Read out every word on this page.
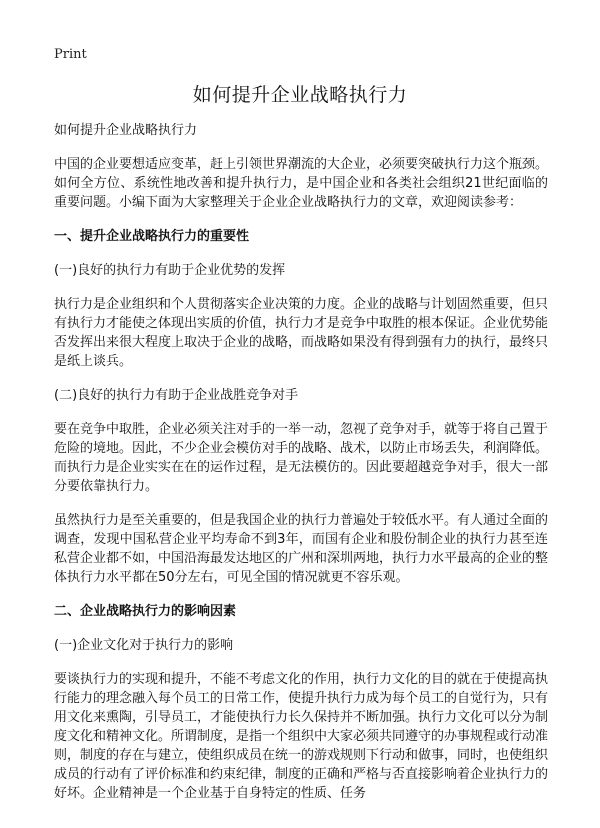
Print
如何提升企业战略执行力

如何提升企业战略执行力

中国的企业要想适应变革，赶上引领世界潮流的大企业，必须要突破执行力这个瓶颈。如何全方位、系统性地改善和提升执行力，是中国企业和各类社会组织21世纪面临的重要问题。小编下面为大家整理关于企业企业战略执行力的文章，欢迎阅读参考：

一、提升企业战略执行力的重要性

(一)良好的执行力有助于企业优势的发挥

执行力是企业组织和个人贯彻落实企业决策的力度。企业的战略与计划固然重要，但只有执行力才能使之体现出实质的价值，执行力才是竞争中取胜的根本保证。企业优势能否发挥出来很大程度上取决于企业的战略，而战略如果没有得到强有力的执行，最终只是纸上谈兵。

(二)良好的执行力有助于企业战胜竞争对手

要在竞争中取胜，企业必须关注对手的一举一动，忽视了竞争对手，就等于将自己置于危险的境地。因此，不少企业会模仿对手的战略、战术，以防止市场丢失，利润降低。而执行力是企业实实在在的运作过程，是无法模仿的。因此要超越竞争对手，很大一部分要依靠执行力。

虽然执行力是至关重要的，但是我国企业的执行力普遍处于较低水平。有人通过全面的调查，发现中国私营企业平均寿命不到3年，而国有企业和股份制企业的执行力甚至连私营企业都不如，中国沿海最发达地区的广州和深圳两地，执行力水平最高的企业的整体执行力水平都在50分左右，可见全国的情况就更不容乐观。

二、企业战略执行力的影响因素

(一)企业文化对于执行力的影响

要谈执行力的实现和提升，不能不考虑文化的作用，执行力文化的目的就在于使提高执行能力的理念融入每个员工的日常工作，使提升执行力成为每个员工的自觉行为，只有用文化来熏陶，引导员工，才能使执行力长久保持并不断加强。执行力文化可以分为制度文化和精神文化。所谓制度，是指一个组织中大家必须共同遵守的办事规程或行动准则，制度的存在与建立，使组织成员在统一的游戏规则下行动和做事，同时，也使组织成员的行动有了评价标准和约束纪律，制度的正确和严格与否直接影响着企业执行力的好坏。企业精神是一个企业基于自身特定的性质、任务
